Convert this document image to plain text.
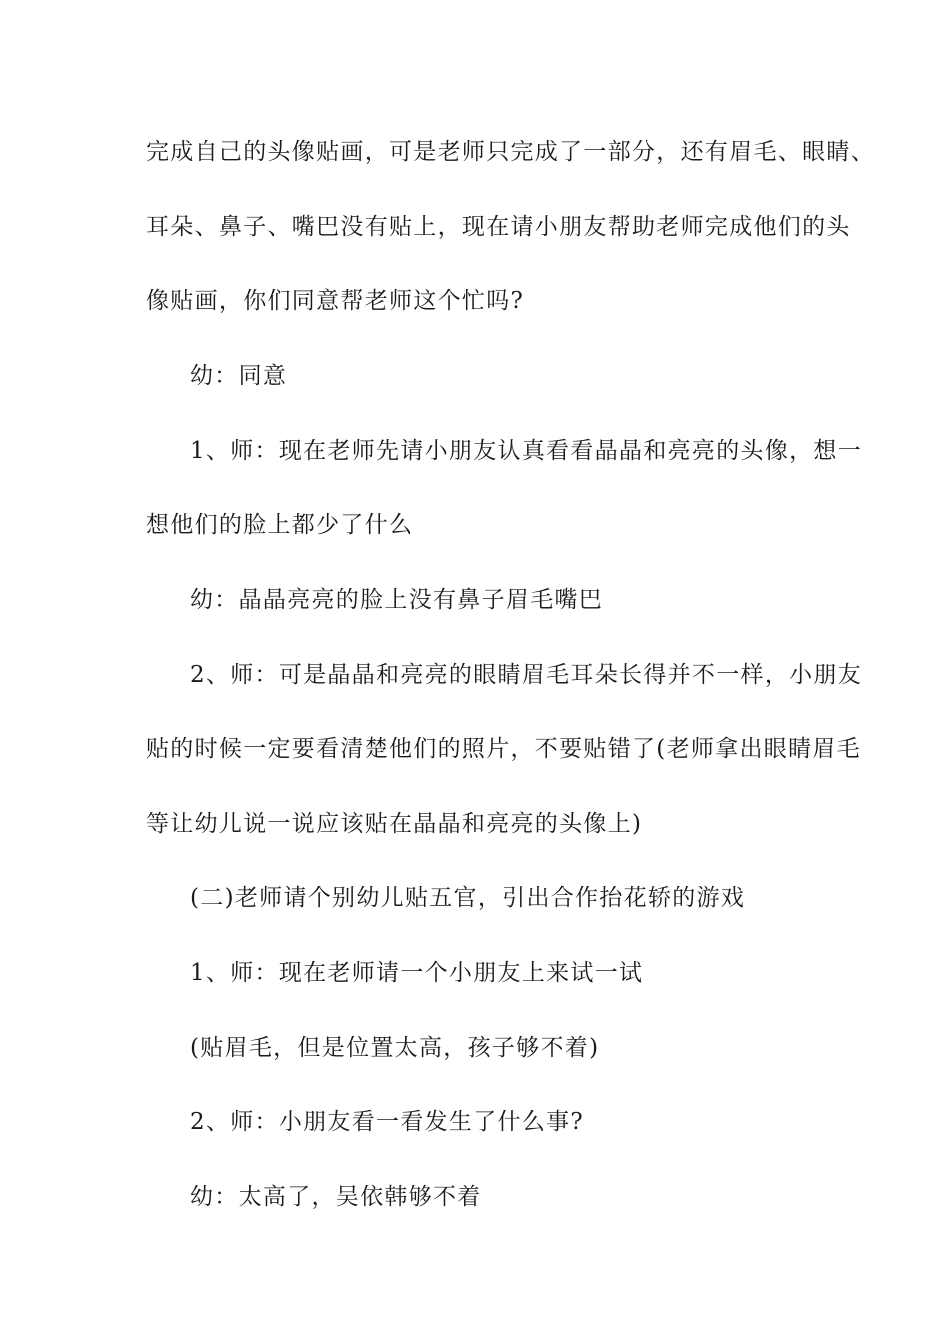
完成自己的头像贴画，可是老师只完成了一部分，还有眉毛、眼睛、
耳朵、鼻子、嘴巴没有贴上，现在请小朋友帮助老师完成他们的头
像贴画，你们同意帮老师这个忙吗?
幼：同意
1、师：现在老师先请小朋友认真看看晶晶和亮亮的头像，想一
想他们的脸上都少了什么
幼：晶晶亮亮的脸上没有鼻子眉毛嘴巴
2、师：可是晶晶和亮亮的眼睛眉毛耳朵长得并不一样，小朋友
贴的时候一定要看清楚他们的照片，不要贴错了(老师拿出眼睛眉毛
等让幼儿说一说应该贴在晶晶和亮亮的头像上)
(二)老师请个别幼儿贴五官，引出合作抬花轿的游戏
1、师：现在老师请一个小朋友上来试一试
(贴眉毛，但是位置太高，孩子够不着)
2、师：小朋友看一看发生了什么事?
幼：太高了，吴依韩够不着
